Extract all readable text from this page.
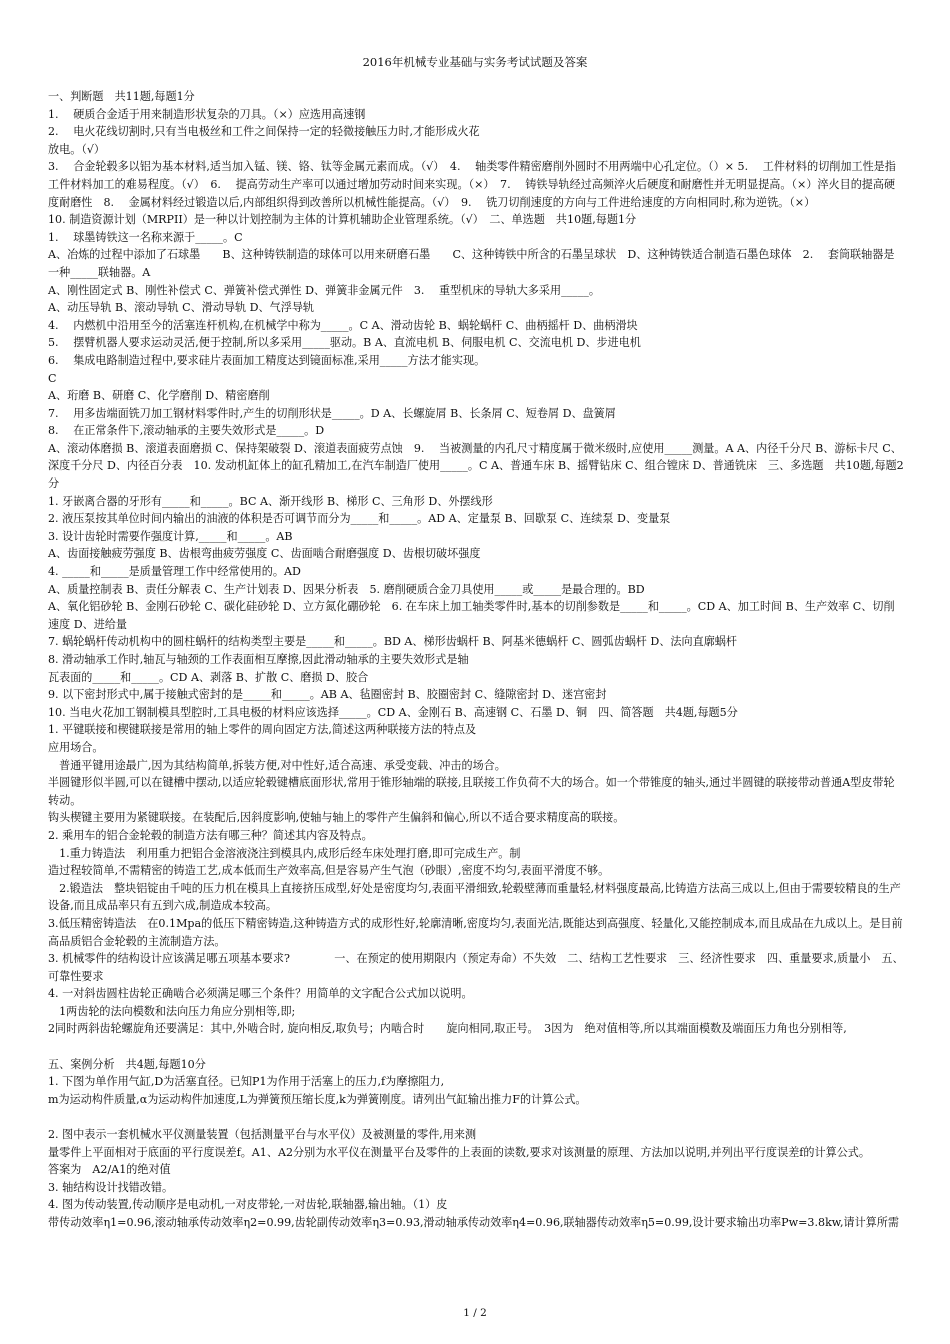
2016年机械专业基础与实务考试试题及答案

一、判断题　共11题,每题1分

1.　 硬质合金适于用来制造形状复杂的刀具。（×）应选用高速钢

2.　 电火花线切割时,只有当电极丝和工件之间保持一定的轻微接触压力时,才能形成火花

放电。（√）

3.　 合金轮毂多以铝为基本材料,适当加入锰、镁、铬、钛等金属元素而成。（√）　4.　 轴类零件精密磨削外圆时不用两端中心孔定位。（）× 5.　 工件材料的切削加工性是指工件材料加工的难易程度。（√）　6.　 提高劳动生产率可以通过增加劳动时间来实现。（×）　7.　 铸铁导轨经过高频淬火后硬度和耐磨性并无明显提高。（×）淬火目的提高硬度耐磨性　8.　 金属材料经过锻造以后,内部组织得到改善所以机械性能提高。（√）　9.　 铣刀切削速度的方向与工件进给速度的方向相同时,称为逆铣。（×）

10. 制造资源计划（MRPII）是一种以计划控制为主体的计算机辅助企业管理系统。（√）　二、单选题　共10题,每题1分

1.　 球墨铸铁这一名称来源于_____。C

A、冶炼的过程中添加了石球墨　　B、这种铸铁制造的球体可以用来研磨石墨　　C、这种铸铁中所含的石墨呈球状　D、这种铸铁适合制造石墨色球体　2.　 套筒联轴器是一种_____联轴器。A

A、刚性固定式 B、刚性补偿式 C、弹簧补偿式弹性 D、弹簧非金属元件　3.　 重型机床的导轨大多采用_____。

A、动压导轨 B、滚动导轨 C、滑动导轨 D、气浮导轨

4.　 内燃机中沿用至今的活塞连杆机构,在机械学中称为_____。C A、滑动齿轮 B、蜗轮蜗杆 C、曲柄摇杆 D、曲柄滑块

5.　 摆臂机器人要求运动灵活,便于控制,所以多采用_____驱动。B A、直流电机 B、伺服电机 C、交流电机 D、步进电机

6.　 集成电路制造过程中,要求硅片表面加工精度达到镜面标准,采用_____方法才能实现。

C

A、珩磨 B、研磨 C、化学磨削 D、精密磨削

7.　 用多齿端面铣刀加工钢材料零件时,产生的切削形状是_____。D A、长螺旋屑 B、长条屑 C、短卷屑 D、盘簧屑

8.　 在正常条件下,滚动轴承的主要失效形式是_____。D

A、滚动体磨损 B、滚道表面磨损 C、保持架破裂 D、滚道表面疲劳点蚀　9.　 当被测量的内孔尺寸精度属于微米级时,应使用_____测量。A A、内径千分尺 B、游标卡尺 C、深度千分尺 D、内径百分表　10. 发动机缸体上的缸孔精加工,在汽车制造厂使用_____。C A、普通车床 B、摇臂钻床 C、组合镗床 D、普通铣床　三、多选题　共10题,每题2分

1. 牙嵌离合器的牙形有_____和_____。BC A、渐开线形 B、梯形 C、三角形 D、外摆线形

2. 液压泵按其单位时间内输出的油液的体积是否可调节而分为_____和_____。AD A、定量泵 B、回歇泵 C、连续泵 D、变量泵

3. 设计齿轮时需要作强度计算,_____和_____。AB

A、齿面接触疲劳强度 B、齿根弯曲疲劳强度 C、齿面啮合耐磨强度 D、齿根切破坏强度

4. _____和_____是质量管理工作中经常使用的。AD

A、质量控制表 B、责任分解表 C、生产计划表 D、因果分析表　5. 磨削硬质合金刀具使用_____或_____是最合理的。BD

A、氧化铝砂轮 B、金刚石砂轮 C、碳化硅砂轮 D、立方氮化硼砂轮　6. 在车床上加工轴类零件时,基本的切削参数是_____和_____。CD A、加工时间 B、生产效率 C、切削速度 D、进给量

7. 蜗轮蜗杆传动机构中的圆柱蜗杆的结构类型主要是_____和_____。BD A、梯形齿蜗杆 B、阿基米德蜗杆 C、圆弧齿蜗杆 D、法向直廓蜗杆

8. 滑动轴承工作时,轴瓦与轴颈的工作表面相互摩擦,因此滑动轴承的主要失效形式是轴

瓦表面的_____和_____。CD A、剥落 B、扩散 C、磨损 D、胶合

9. 以下密封形式中,属于接触式密封的是_____和_____。AB A、毡圈密封 B、胶圈密封 C、缝隙密封 D、迷宫密封

10. 当电火花加工钢制模具型腔时,工具电极的材料应该选择_____。CD A、金刚石 B、高速钢 C、石墨 D、铜　四、简答题　共4题,每题5分

1. 平键联接和楔键联接是常用的轴上零件的周向固定方法,简述这两种联接方法的特点及

应用场合。

　普通平键用途最广,因为其结构简单,拆装方便,对中性好,适合高速、承受变载、冲击的场合。

半圆键形似半圆,可以在键槽中摆动,以适应轮毂键槽底面形状,常用于锥形轴端的联接,且联接工作负荷不大的场合。如一个带锥度的轴头,通过半圆键的联接带动普通A型皮带轮转动。

钩头楔键主要用为紧键联接。在装配后,因斜度影响,使轴与轴上的零件产生偏斜和偏心,所以不适合要求精度高的联接。

2. 乘用车的铝合金轮毂的制造方法有哪三种？简述其内容及特点。

　1.重力铸造法　利用重力把铝合金溶液浇注到模具内,成形后经车床处理打磨,即可完成生产。制

造过程较简单,不需精密的铸造工艺,成本低而生产效率高,但是容易产生气泡（砂眼）,密度不均匀,表面平滑度不够。

　2.锻造法　整块铝锭由千吨的压力机在模具上直接挤压成型,好处是密度均匀,表面平滑细致,轮毂壁薄而重量轻,材料强度最高,比铸造方法高三成以上,但由于需要较精良的生产设备,而且成品率只有五到六成,制造成本较高。

3.低压精密铸造法　在0.1Mpa的低压下精密铸造,这种铸造方式的成形性好,轮廓清晰,密度均匀,表面光洁,既能达到高强度、轻量化,又能控制成本,而且成品在九成以上。是目前高品质铝合金轮毂的主流制造方法。

3. 机械零件的结构设计应该满足哪五项基本要求?　　　　一、在预定的使用期限内（预定寿命）不失效　二、结构工艺性要求　三、经济性要求　四、重量要求,质量小　五、可靠性要求

4. 一对斜齿圆柱齿轮正确啮合必须满足哪三个条件？用简单的文字配合公式加以说明。

　1两齿轮的法向模数和法向压力角应分别相等,即;

2同时两斜齿轮螺旋角还要满足：其中,外啮合时, 旋向相反,取负号；内啮合时　　旋向相同,取正号。　3因为　绝对值相等,所以其端面模数及端面压力角也分别相等,

五、案例分析　共4题,每题10分

1. 下图为单作用气缸,D为活塞直径。已知P1为作用于活塞上的压力,f为摩擦阻力,

m为运动构件质量,α为运动构件加速度,L为弹簧预压缩长度,k为弹簧刚度。请列出气缸输出推力F的计算公式。

2. 图中表示一套机械水平仪测量装置（包括测量平台与水平仪）及被测量的零件,用来测

量零件上平面相对于底面的平行度误差f。A1、A2分别为水平仪在测量平台及零件的上表面的读数,要求对该测量的原理、方法加以说明,并列出平行度误差f的计算公式。

答案为　A2/A1的绝对值

3. 轴结构设计找错改错。

4. 图为传动装置,传动顺序是电动机,一对皮带轮,一对齿轮,联轴器,输出轴。（1）皮

带传动效率η1=0.96,滚动轴承传动效率η2=0.99,齿轮副传动效率η3=0.93,滑动轴承传动效率η4=0.96,联轴器传动效率η5=0.99,设计要求输出功率Pw=3.8kw,请计算所需

1 / 2
